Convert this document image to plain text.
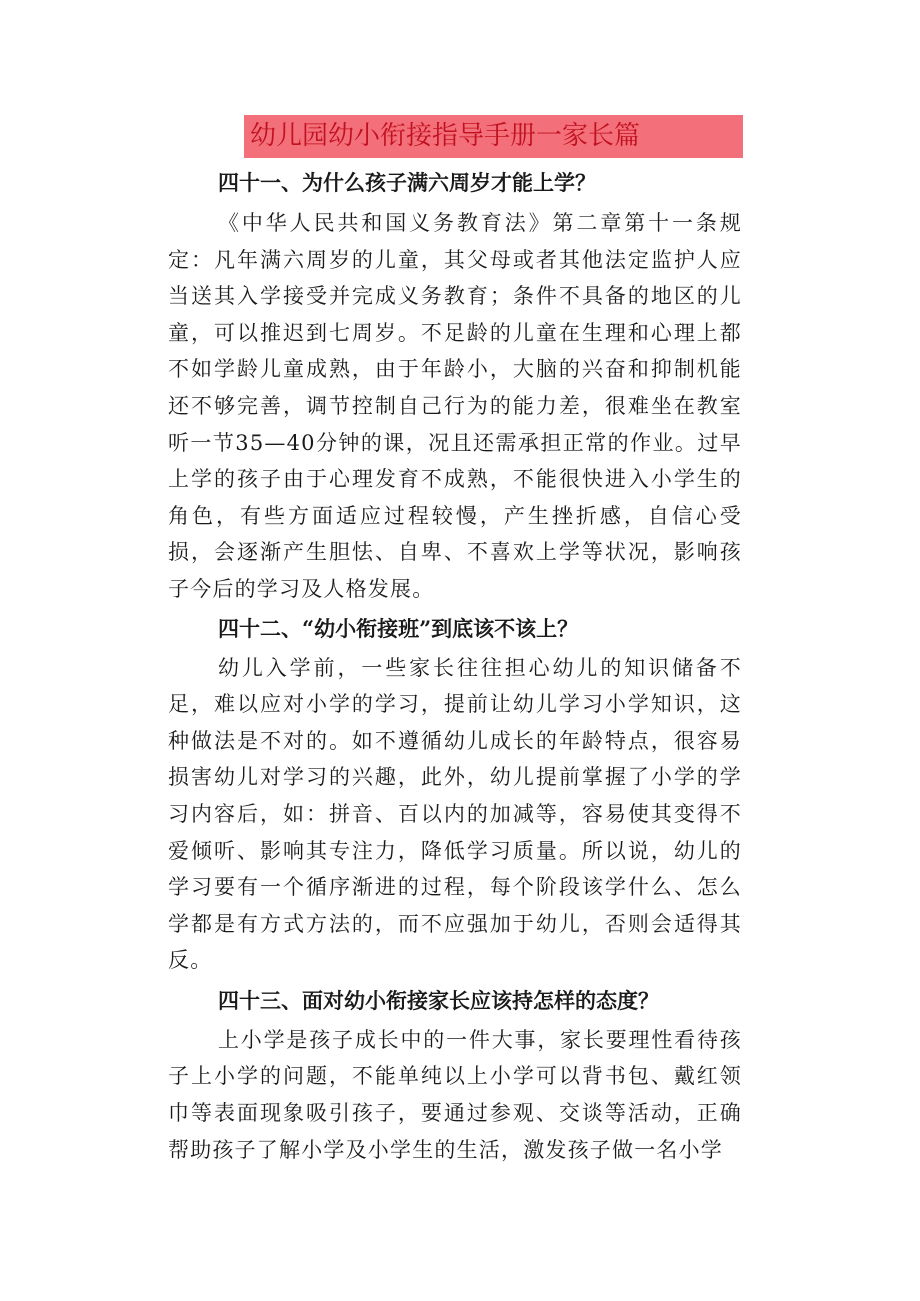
幼儿园幼小衔接指导手册一家长篇
四十一、为什么孩子满六周岁才能上学？

《中华人民共和国义务教育法》第二章第十一条规定：凡年满六周岁的儿童，其父母或者其他法定监护人应当送其入学接受并完成义务教育；条件不具备的地区的儿童，可以推迟到七周岁。不足龄的儿童在生理和心理上都不如学龄儿童成熟，由于年龄小，大脑的兴奋和抑制机能还不够完善，调节控制自己行为的能力差，很难坐在教室听一节35—40分钟的课，况且还需承担正常的作业。过早上学的孩子由于心理发育不成熟，不能很快进入小学生的角色，有些方面适应过程较慢，产生挫折感，自信心受损，会逐渐产生胆怯、自卑、不喜欢上学等状况，影响孩子今后的学习及人格发展。

四十二、“幼小衔接班”到底该不该上？

幼儿入学前，一些家长往往担心幼儿的知识储备不足，难以应对小学的学习，提前让幼儿学习小学知识，这种做法是不对的。如不遵循幼儿成长的年龄特点，很容易损害幼儿对学习的兴趣，此外，幼儿提前掌握了小学的学习内容后，如：拼音、百以内的加减等，容易使其变得不爱倾听、影响其专注力，降低学习质量。所以说，幼儿的学习要有一个循序渐进的过程，每个阶段该学什么、怎么学都是有方式方法的，而不应强加于幼儿，否则会适得其反。

四十三、面对幼小衔接家长应该持怎样的态度？

上小学是孩子成长中的一件大事，家长要理性看待孩子上小学的问题，不能单纯以上小学可以背书包、戴红领巾等表面现象吸引孩子，要通过参观、交谈等活动，正确帮助孩子了解小学及小学生的生活，激发孩子做一名小学
